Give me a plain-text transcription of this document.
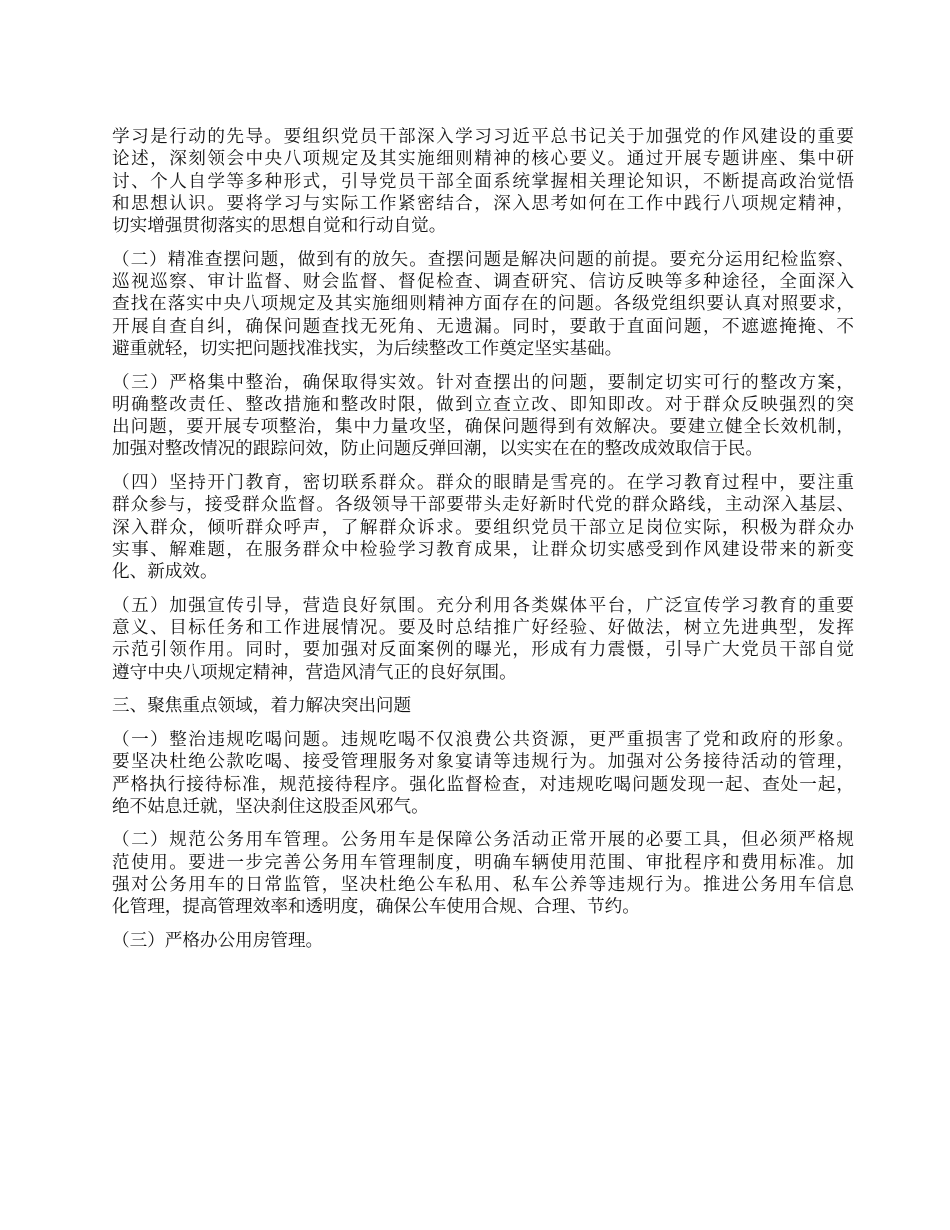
学习是行动的先导。要组织党员干部深入学习习近平总书记关于加强党的作风建设的重要
论述，深刻领会中央八项规定及其实施细则精神的核心要义。通过开展专题讲座、集中研
讨、个人自学等多种形式，引导党员干部全面系统掌握相关理论知识，不断提高政治觉悟
和思想认识。要将学习与实际工作紧密结合，深入思考如何在工作中践行八项规定精神，
切实增强贯彻落实的思想自觉和行动自觉。
（二）精准查摆问题，做到有的放矢。查摆问题是解决问题的前提。要充分运用纪检监察、
巡视巡察、审计监督、财会监督、督促检查、调查研究、信访反映等多种途径，全面深入
查找在落实中央八项规定及其实施细则精神方面存在的问题。各级党组织要认真对照要求，
开展自查自纠，确保问题查找无死角、无遗漏。同时，要敢于直面问题，不遮遮掩掩、不
避重就轻，切实把问题找准找实，为后续整改工作奠定坚实基础。
（三）严格集中整治，确保取得实效。针对查摆出的问题，要制定切实可行的整改方案，
明确整改责任、整改措施和整改时限，做到立查立改、即知即改。对于群众反映强烈的突
出问题，要开展专项整治，集中力量攻坚，确保问题得到有效解决。要建立健全长效机制，
加强对整改情况的跟踪问效，防止问题反弹回潮，以实实在在的整改成效取信于民。
（四）坚持开门教育，密切联系群众。群众的眼睛是雪亮的。在学习教育过程中，要注重
群众参与，接受群众监督。各级领导干部要带头走好新时代党的群众路线，主动深入基层、
深入群众，倾听群众呼声，了解群众诉求。要组织党员干部立足岗位实际，积极为群众办
实事、解难题，在服务群众中检验学习教育成果，让群众切实感受到作风建设带来的新变
化、新成效。
（五）加强宣传引导，营造良好氛围。充分利用各类媒体平台，广泛宣传学习教育的重要
意义、目标任务和工作进展情况。要及时总结推广好经验、好做法，树立先进典型，发挥
示范引领作用。同时，要加强对反面案例的曝光，形成有力震慑，引导广大党员干部自觉
遵守中央八项规定精神，营造风清气正的良好氛围。
三、聚焦重点领域，着力解决突出问题
（一）整治违规吃喝问题。违规吃喝不仅浪费公共资源，更严重损害了党和政府的形象。
要坚决杜绝公款吃喝、接受管理服务对象宴请等违规行为。加强对公务接待活动的管理，
严格执行接待标准，规范接待程序。强化监督检查，对违规吃喝问题发现一起、查处一起，
绝不姑息迁就，坚决刹住这股歪风邪气。
（二）规范公务用车管理。公务用车是保障公务活动正常开展的必要工具，但必须严格规
范使用。要进一步完善公务用车管理制度，明确车辆使用范围、审批程序和费用标准。加
强对公务用车的日常监管，坚决杜绝公车私用、私车公养等违规行为。推进公务用车信息
化管理，提高管理效率和透明度，确保公车使用合规、合理、节约。
（三）严格办公用房管理。
